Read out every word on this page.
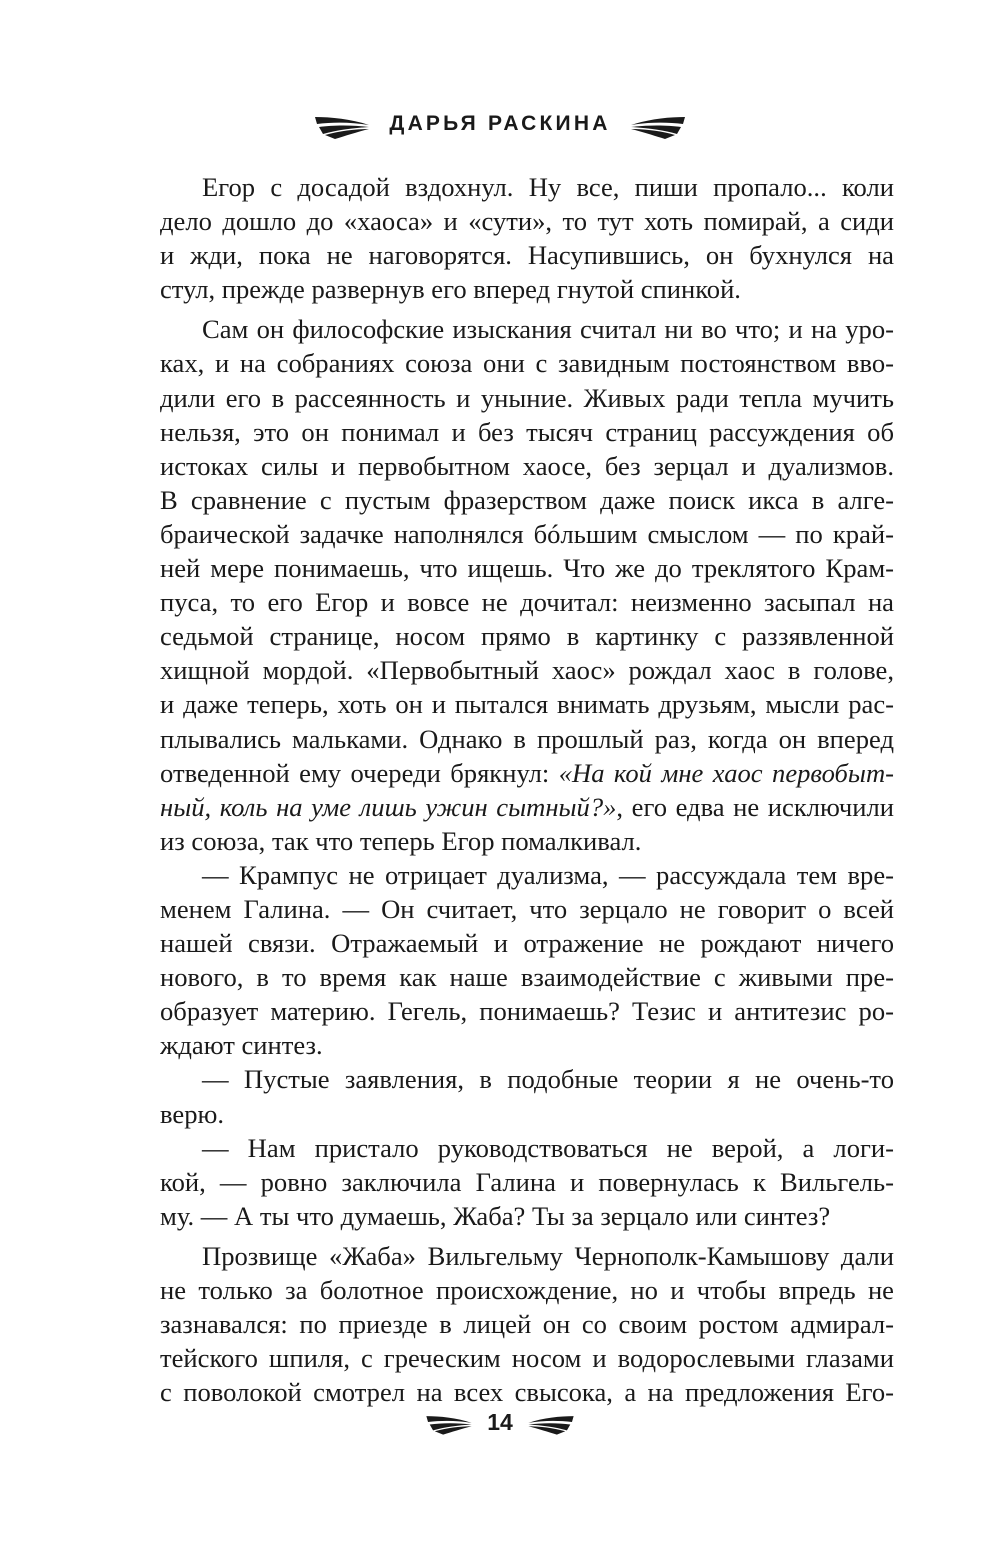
ДАРЬЯ РАСКИНА
Егор с досадой вздохнул. Ну все, пиши пропало... коли
дело дошло до «хаоса» и «сути», то тут хоть помирай, а сиди
и жди, пока не наговорятся. Насупившись, он бухнулся на
стул, прежде развернув его вперед гнутой спинкой.
Сам он философские изыскания считал ни во что; и на уро-
ках, и на собраниях союза они с завидным постоянством вво-
дили его в рассеянность и уныние. Живых ради тепла мучить
нельзя, это он понимал и без тысяч страниц рассуждения об
истоках силы и первобытном хаосе, без зерцал и дуализмов.
В сравнение с пустым фразерством даже поиск икса в алге-
браической задачке наполнялся бóльшим смыслом — по край-
ней мере понимаешь, что ищешь. Что же до треклятого Крам-
пуса, то его Егор и вовсе не дочитал: неизменно засыпал на
седьмой странице, носом прямо в картинку с раззявленной
хищной мордой. «Первобытный хаос» рождал хаос в голове,
и даже теперь, хоть он и пытался внимать друзьям, мысли рас-
плывались мальками. Однако в прошлый раз, когда он вперед
отведенной ему очереди брякнул: «На кой мне хаос первобыт-
ный, коль на уме лишь ужин сытный?», его едва не исключили
из союза, так что теперь Егор помалкивал.
— Крампус не отрицает дуализма, — рассуждала тем вре-
менем Галина. — Он считает, что зерцало не говорит о всей
нашей связи. Отражаемый и отражение не рождают ничего
нового, в то время как наше взаимодействие с живыми пре-
образует материю. Гегель, понимаешь? Тезис и антитезис ро-
ждают синтез.
— Пустые заявления, в подобные теории я не очень-то
верю.
— Нам пристало руководствоваться не верой, а логи-
кой, — ровно заключила Галина и повернулась к Вильгель-
му. — А ты что думаешь, Жаба? Ты за зерцало или синтез?
Прозвище «Жаба» Вильгельму Чернополк-Камышову дали
не только за болотное происхождение, но и чтобы впредь не
зазнавался: по приезде в лицей он со своим ростом адмирал-
тейского шпиля, с греческим носом и водорослевыми глазами
с поволокой смотрел на всех свысока, а на предложения Его-
14
